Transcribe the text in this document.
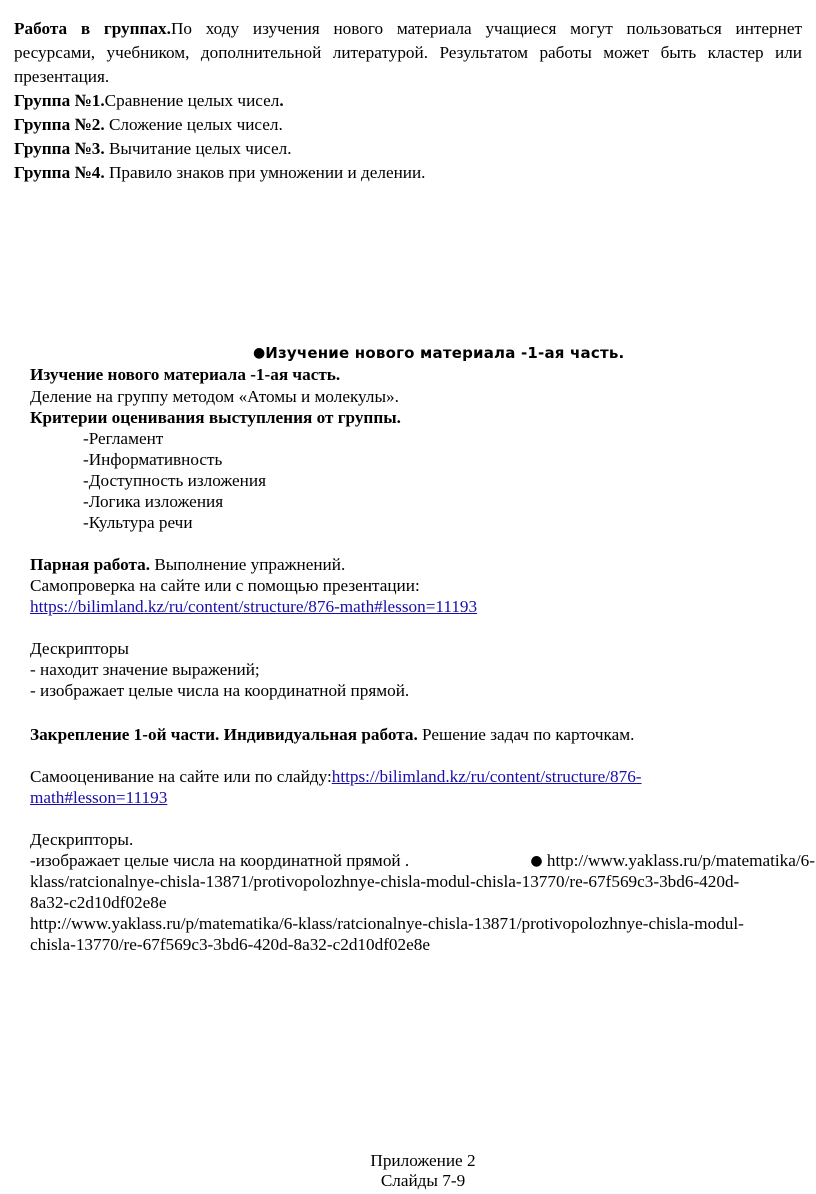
Работа в группах.По ходу изучения нового материала учащиеся могут пользоваться интернет
ресурсами, учебником, дополнительной литературой. Результатом работы может быть кластер или
презентация.
Группа №1.Сравнение целых чисел.
Группа №2. Сложение целых чисел.
Группа №3. Вычитание целых чисел.
Группа №4. Правило знаков при умножении и делении.
●Изучение нового материала -1-ая часть.
Изучение нового материала -1-ая часть.
Деление на группу методом «Атомы и молекулы».
Критерии оценивания выступления от группы.
-Регламент
-Информативность
-Доступность изложения
-Логика изложения
-Культура речи
Парная работа. Выполнение упражнений.
Самопроверка на сайте или с помощью презентации:
https://bilimland.kz/ru/content/structure/876-math#lesson=11193
Дескрипторы
- находит значение выражений;
- изображает целые числа на координатной прямой.
Закрепление 1-ой части. Индивидуальная работа. Решение задач по карточкам.
Самооценивание на сайте или по слайду:https://bilimland.kz/ru/content/structure/876-
math#lesson=11193
Дескрипторы.
-изображает целые числа на координатной прямой .	● http://www.yaklass.ru/p/matematika/6-
klass/ratcionalnye-chisla-13871/protivopolozhnye-chisla-modul-chisla-13770/re-67f569c3-3bd6-420d-
8a32-c2d10df02e8e
http://www.yaklass.ru/p/matematika/6-klass/ratcionalnye-chisla-13871/protivopolozhnye-chisla-modul-
chisla-13770/re-67f569c3-3bd6-420d-8a32-c2d10df02e8e
Приложение 2
Слайды 7-9
